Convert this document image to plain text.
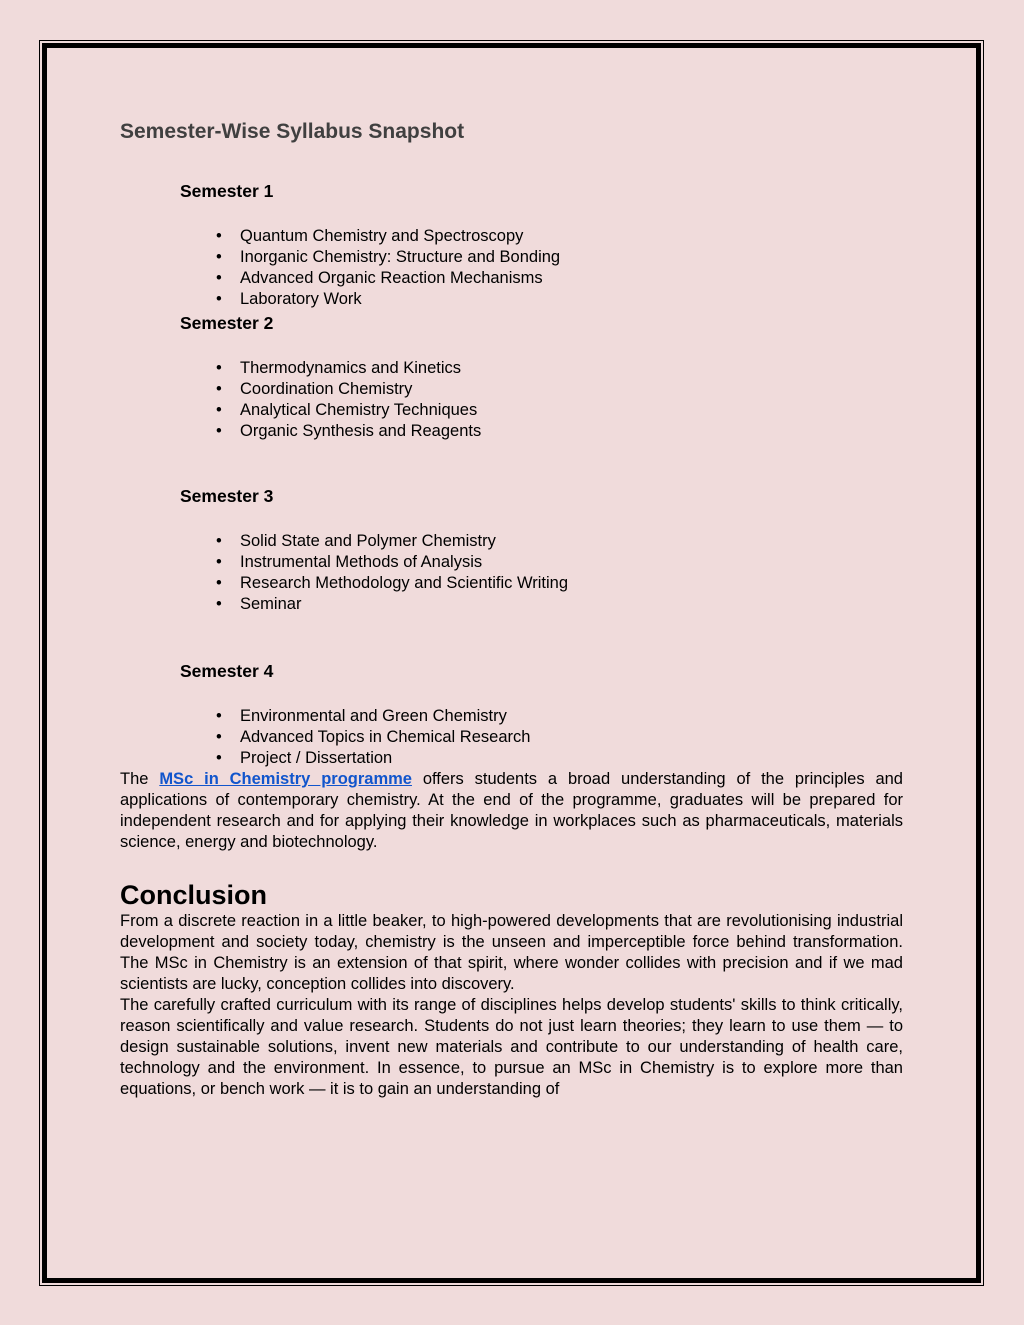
Semester-Wise Syllabus Snapshot
Semester 1
• Quantum Chemistry and Spectroscopy
• Inorganic Chemistry: Structure and Bonding
• Advanced Organic Reaction Mechanisms
• Laboratory Work
Semester 2
• Thermodynamics and Kinetics
• Coordination Chemistry
• Analytical Chemistry Techniques
• Organic Synthesis and Reagents
Semester 3
• Solid State and Polymer Chemistry
• Instrumental Methods of Analysis
• Research Methodology and Scientific Writing
• Seminar
Semester 4
• Environmental and Green Chemistry
• Advanced Topics in Chemical Research
• Project / Dissertation

The MSc in Chemistry programme offers students a broad understanding of the principles and applications of contemporary chemistry. At the end of the programme, graduates will be prepared for independent research and for applying their knowledge in workplaces such as pharmaceuticals, materials science, energy and biotechnology.

Conclusion

From a discrete reaction in a little beaker, to high-powered developments that are revolutionising industrial development and society today, chemistry is the unseen and imperceptible force behind transformation. The MSc in Chemistry is an extension of that spirit, where wonder collides with precision and if we mad scientists are lucky, conception collides into discovery.

The carefully crafted curriculum with its range of disciplines helps develop students' skills to think critically, reason scientifically and value research. Students do not just learn theories; they learn to use them — to design sustainable solutions, invent new materials and contribute to our understanding of health care, technology and the environment. In essence, to pursue an MSc in Chemistry is to explore more than equations, or bench work — it is to gain an understanding of
